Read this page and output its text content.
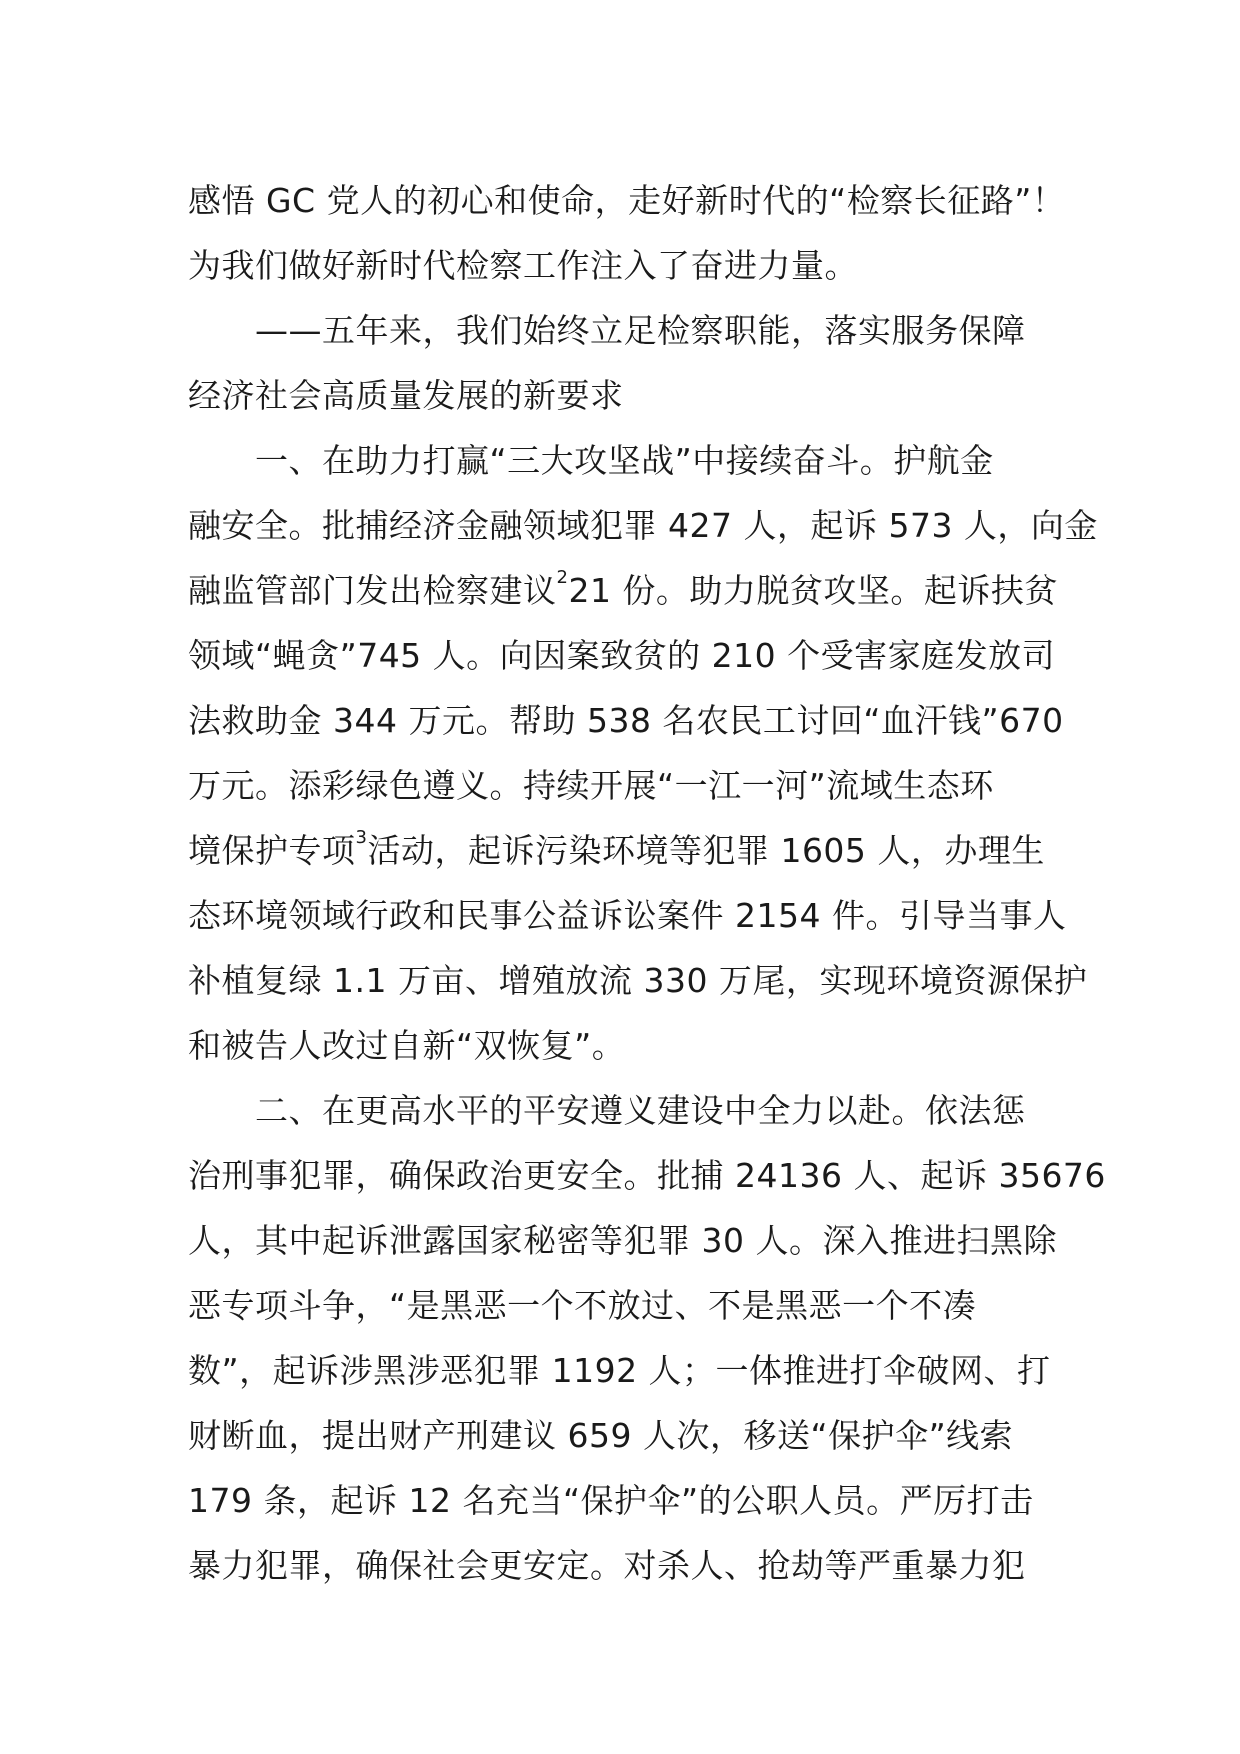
感悟 GC 党人的初心和使命，走好新时代的“检察长征路”！
为我们做好新时代检察工作注入了奋进力量。
——五年来，我们始终立足检察职能，落实服务保障
经济社会高质量发展的新要求
一、在助力打赢“三大攻坚战”中接续奋斗。护航金
融安全。批捕经济金融领域犯罪 427 人，起诉 573 人，向金
融监管部门发出检察建议$^2$21 份。助力脱贫攻坚。起诉扶贫
领域“蝇贪”745 人。向因案致贫的 210 个受害家庭发放司
法救助金 344 万元。帮助 538 名农民工讨回“血汗钱”670
万元。添彩绿色遵义。持续开展“一江一河”流域生态环
境保护专项$^3$活动，起诉污染环境等犯罪 1605 人，办理生
态环境领域行政和民事公益诉讼案件 2154 件。引导当事人
补植复绿 1.1 万亩、增殖放流 330 万尾，实现环境资源保护
和被告人改过自新“双恢复”。
二、在更高水平的平安遵义建设中全力以赴。依法惩
治刑事犯罪，确保政治更安全。批捕 24136 人、起诉 35676
人，其中起诉泄露国家秘密等犯罪 30 人。深入推进扫黑除
恶专项斗争，“是黑恶一个不放过、不是黑恶一个不凑
数”，起诉涉黑涉恶犯罪 1192 人；一体推进打伞破网、打
财断血，提出财产刑建议 659 人次，移送“保护伞”线索
179 条，起诉 12 名充当“保护伞”的公职人员。严厉打击
暴力犯罪，确保社会更安定。对杀人、抢劫等严重暴力犯
